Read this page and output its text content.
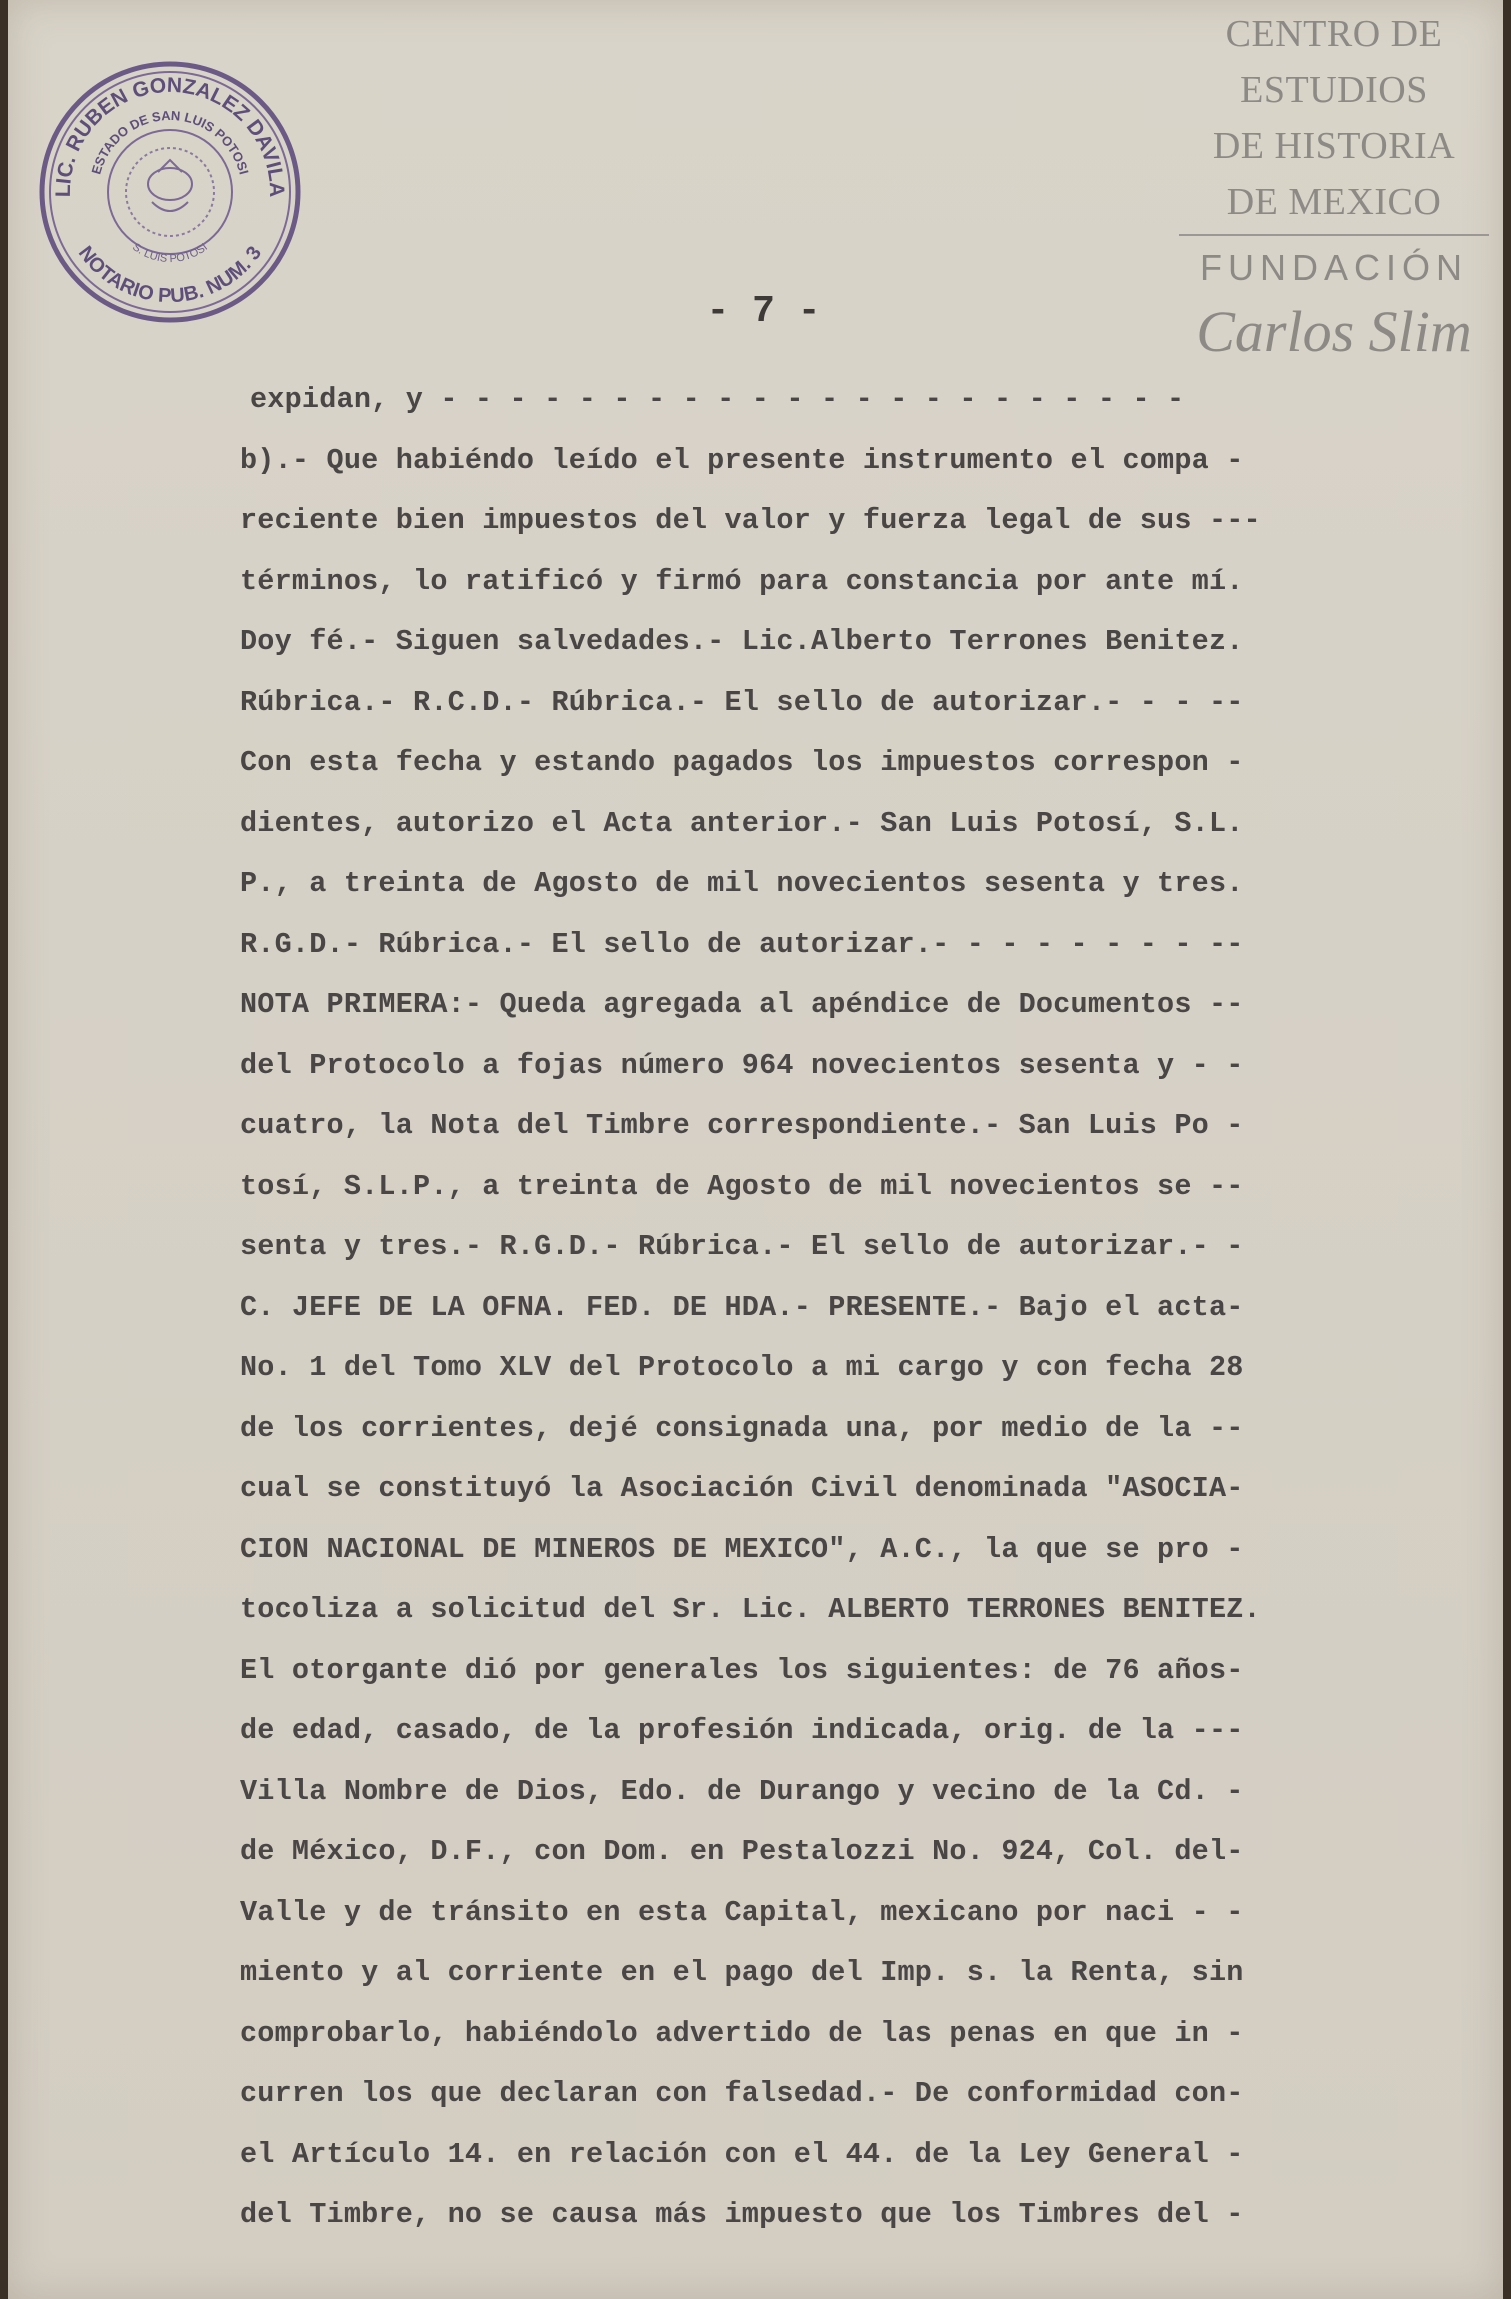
LIC. RUBEN GONZALEZ DAVILA
ESTADO DE SAN LUIS POTOSI
NOTARIO PUB. NUM. 3
S. LUIS POTOSI
CENTRO DE
ESTUDIOS
DE HISTORIA
DE MEXICO
FUNDACIÓN
Carlos Slim
- 7 -
expidan, y - - - - - - - - - - - - - - - - - - - - - -
b).- Que habiéndo leído el presente instrumento el compa -
reciente bien impuestos del valor y fuerza legal de sus ---
términos, lo ratificó y firmó para constancia por ante mí.
Doy fé.- Siguen salvedades.- Lic.Alberto Terrones Benitez.
Rúbrica.- R.C.D.- Rúbrica.- El sello de autorizar.- - - --
Con esta fecha y estando pagados los impuestos correspon -
dientes, autorizo el Acta anterior.- San Luis Potosí, S.L.
P., a treinta de Agosto de mil novecientos sesenta y tres.
R.G.D.- Rúbrica.- El sello de autorizar.- - - - - - - - --
NOTA PRIMERA:- Queda agregada al apéndice de Documentos --
del Protocolo a fojas número 964 novecientos sesenta y - -
cuatro, la Nota del Timbre correspondiente.- San Luis Po -
tosí, S.L.P., a treinta de Agosto de mil novecientos se --
senta y tres.- R.G.D.- Rúbrica.- El sello de autorizar.- -
C. JEFE DE LA OFNA. FED. DE HDA.- PRESENTE.- Bajo el acta-
No. 1 del Tomo XLV del Protocolo a mi cargo y con fecha 28
de los corrientes, dejé consignada una, por medio de la --
cual se constituyó la Asociación Civil denominada "ASOCIA-
CION NACIONAL DE MINEROS DE MEXICO", A.C., la que se pro -
tocoliza a solicitud del Sr. Lic. ALBERTO TERRONES BENITEZ.
El otorgante dió por generales los siguientes: de 76 años-
de edad, casado, de la profesión indicada, orig. de la ---
Villa Nombre de Dios, Edo. de Durango y vecino de la Cd. -
de México, D.F., con Dom. en Pestalozzi No. 924, Col. del-
Valle y de tránsito en esta Capital, mexicano por naci - -
miento y al corriente en el pago del Imp. s. la Renta, sin
comprobarlo, habiéndolo advertido de las penas en que in -
curren los que declaran con falsedad.- De conformidad con-
el Artículo 14. en relación con el 44. de la Ley General -
del Timbre, no se causa más impuesto que los Timbres del -
